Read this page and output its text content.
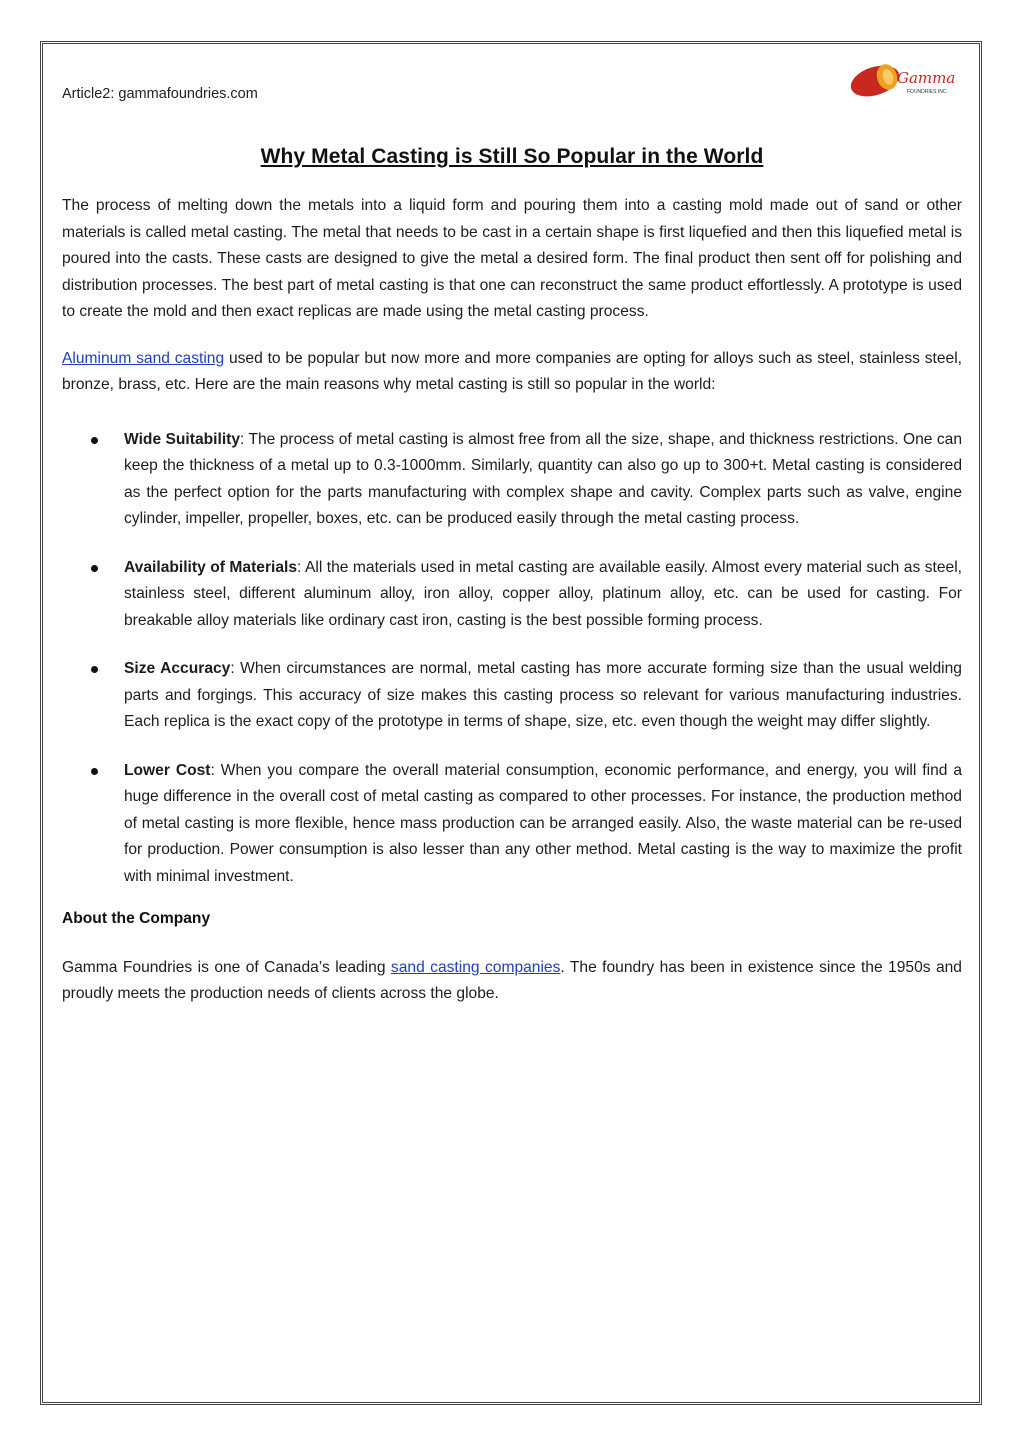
Article2: gammafoundries.com
Gamma
FOUNDRIES INC.
Why Metal Casting is Still So Popular in the World

The process of melting down the metals into a liquid form and pouring them into a casting mold made out of sand or other materials is called metal casting. The metal that needs to be cast in a certain shape is first liquefied and then this liquefied metal is poured into the casts. These casts are designed to give the metal a desired form. The final product then sent off for polishing and distribution processes. The best part of metal casting is that one can reconstruct the same product effortlessly. A prototype is used to create the mold and then exact replicas are made using the metal casting process.

Aluminum sand casting used to be popular but now more and more companies are opting for alloys such as steel, stainless steel, bronze, brass, etc. Here are the main reasons why metal casting is still so popular in the world:

Wide Suitability: The process of metal casting is almost free from all the size, shape, and thickness restrictions. One can keep the thickness of a metal up to 0.3-1000mm. Similarly, quantity can also go up to 300+t. Metal casting is considered as the perfect option for the parts manufacturing with complex shape and cavity. Complex parts such as valve, engine cylinder, impeller, propeller, boxes, etc. can be produced easily through the metal casting process.

Availability of Materials: All the materials used in metal casting are available easily. Almost every material such as steel, stainless steel, different aluminum alloy, iron alloy, copper alloy, platinum alloy, etc. can be used for casting. For breakable alloy materials like ordinary cast iron, casting is the best possible forming process.

Size Accuracy: When circumstances are normal, metal casting has more accurate forming size than the usual welding parts and forgings. This accuracy of size makes this casting process so relevant for various manufacturing industries. Each replica is the exact copy of the prototype in terms of shape, size, etc. even though the weight may differ slightly.

Lower Cost: When you compare the overall material consumption, economic performance, and energy, you will find a huge difference in the overall cost of metal casting as compared to other processes. For instance, the production method of metal casting is more flexible, hence mass production can be arranged easily. Also, the waste material can be re-used for production. Power consumption is also lesser than any other method. Metal casting is the way to maximize the profit with minimal investment.

About the Company

Gamma Foundries is one of Canada’s leading sand casting companies. The foundry has been in existence since the 1950s and proudly meets the production needs of clients across the globe.
